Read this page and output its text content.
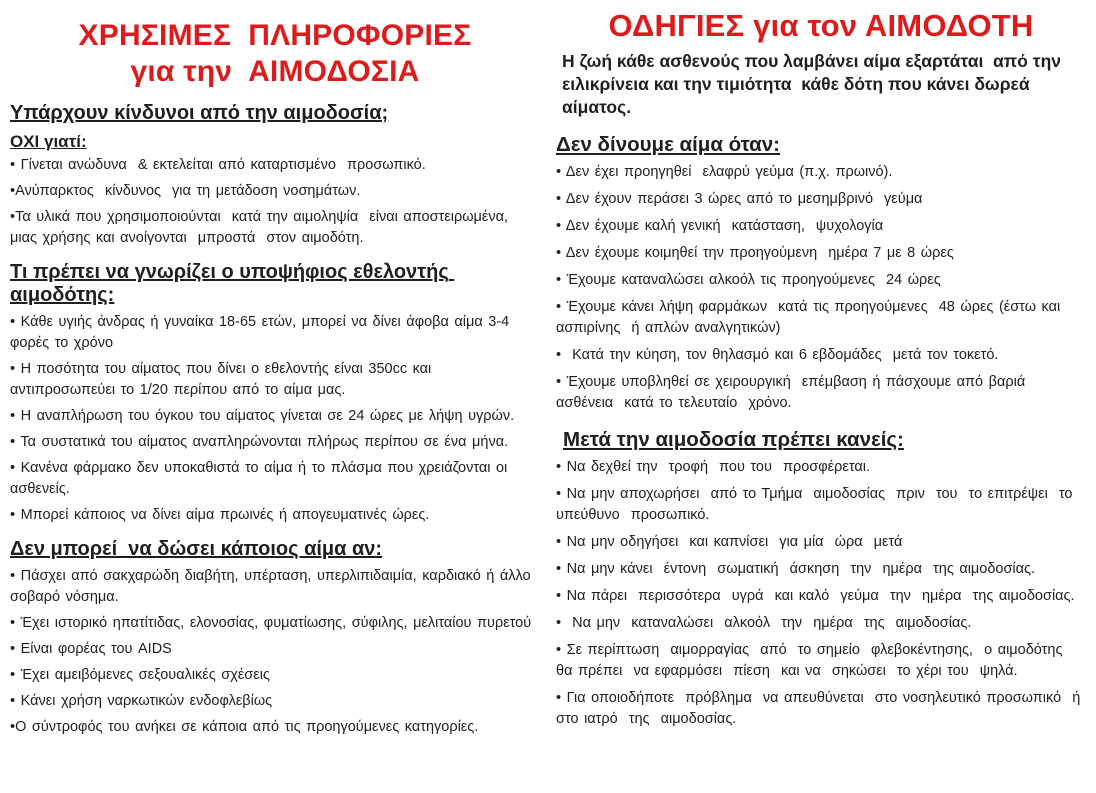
ΧΡΗΣΙΜΕΣ  ΠΛΗΡΟΦΟΡΙΕΣ
για την  ΑΙΜΟΔΟΣΙΑ
Υπάρχουν κίνδυνοι από την αιμοδοσία;
ΟΧΙ γιατί:

• Γίνεται ανώδυνα  & εκτελείται από καταρτισμένο  προσωπικό.

•Ανύπαρκτος  κίνδυνος  για τη μετάδοση νοσημάτων.

•Τα υλικά που χρησιμοποιούνται  κατά την αιμοληψία  είναι αποστειρωμένα,  μιας χρήσης και ανοίγονται  μπροστά  στον αιμοδότη.

Τι πρέπει να γνωρίζει ο υποψήφιος εθελοντής αιμοδότης:

• Κάθε υγιής άνδρας ή γυναίκα 18-65 ετών, μπορεί να δίνει άφοβα αίμα 3-4 φορές το χρόνο

• Η ποσότητα του αίματος που δίνει ο εθελοντής είναι 350cc και αντιπροσωπεύει το 1/20 περίπου από το αίμα μας.

• Η αναπλήρωση του όγκου του αίματος γίνεται σε 24 ώρες με λήψη υγρών.

• Τα συστατικά του αίματος αναπληρώνονται πλήρως περίπου σε ένα μήνα.

• Κανένα φάρμακο δεν υποκαθιστά το αίμα ή το πλάσμα που χρειάζονται οι ασθενείς.

• Μπορεί κάποιος να δίνει αίμα πρωινές ή απογευματινές ώρες.

Δεν μπορεί  να δώσει κάποιος αίμα αν:

• Πάσχει από σακχαρώδη διαβήτη, υπέρταση, υπερλιπιδαιμία, καρδιακό ή άλλο σοβαρό νόσημα.

• Έχει ιστορικό ηπατίτιδας, ελονοσίας, φυματίωσης, σύφιλης, μελιταίου πυρετού

• Είναι φορέας του AIDS

• Έχει αμειβόμενες σεξουαλικές σχέσεις

• Κάνει χρήση ναρκωτικών ενδοφλεβίως

•Ο σύντροφός του ανήκει σε κάποια από τις προηγούμενες κατηγορίες.

ΟΔΗΓΙΕΣ για τον ΑΙΜΟΔΟΤΗ

Η ζωή κάθε ασθενούς που λαμβάνει αίμα εξαρτάται  από την ειλικρίνεια και την τιμιότητα  κάθε δότη που κάνει δωρεά αίματος.

Δεν δίνουμε αίμα όταν:

• Δεν έχει προηγηθεί  ελαφρύ γεύμα (π.χ. πρωινό).

• Δεν έχουν περάσει 3 ώρες από το μεσημβρινό  γεύμα

• Δεν έχουμε καλή γενική  κατάσταση,  ψυχολογία

• Δεν έχουμε κοιμηθεί την προηγούμενη  ημέρα 7 με 8 ώρες

• Έχουμε καταναλώσει αλκοόλ τις προηγούμενες  24 ώρες

• Έχουμε κάνει λήψη φαρμάκων  κατά τις προηγούμενες  48 ώρες (έστω και ασπιρίνης  ή απλών αναλγητικών)

•  Κατά την κύηση, τον θηλασμό και 6 εβδομάδες  μετά τον τοκετό.

• Έχουμε υποβληθεί σε χειρουργική  επέμβαση ή πάσχουμε από βαριά ασθένεια  κατά το τελευταίο  χρόνο.

Μετά την αιμοδοσία πρέπει κανείς:

• Να δεχθεί την  τροφή  που του  προσφέρεται.

• Να μην αποχωρήσει  από το Τμήμα  αιμοδοσίας  πριν  του  το επιτρέψει  το υπεύθυνο  προσωπικό.

• Να μην οδηγήσει  και καπνίσει  για μία  ώρα  μετά

• Να μην κάνει  έντονη  σωματική  άσκηση  την  ημέρα  της αιμοδοσίας.

• Να πάρει  περισσότερα  υγρά  και καλό  γεύμα  την  ημέρα  της αιμοδοσίας.

•  Να μην  καταναλώσει  αλκοόλ  την  ημέρα  της  αιμοδοσίας.

• Σε περίπτωση  αιμορραγίας  από  το σημείο  φλεβοκέντησης,  ο αιμοδότης  θα πρέπει  να εφαρμόσει  πίεση  και να  σηκώσει  το χέρι του  ψηλά.

• Για οποιοδήποτε  πρόβλημα  να απευθύνεται  στο νοσηλευτικό προσωπικό  ή στο ιατρό  της  αιμοδοσίας.
